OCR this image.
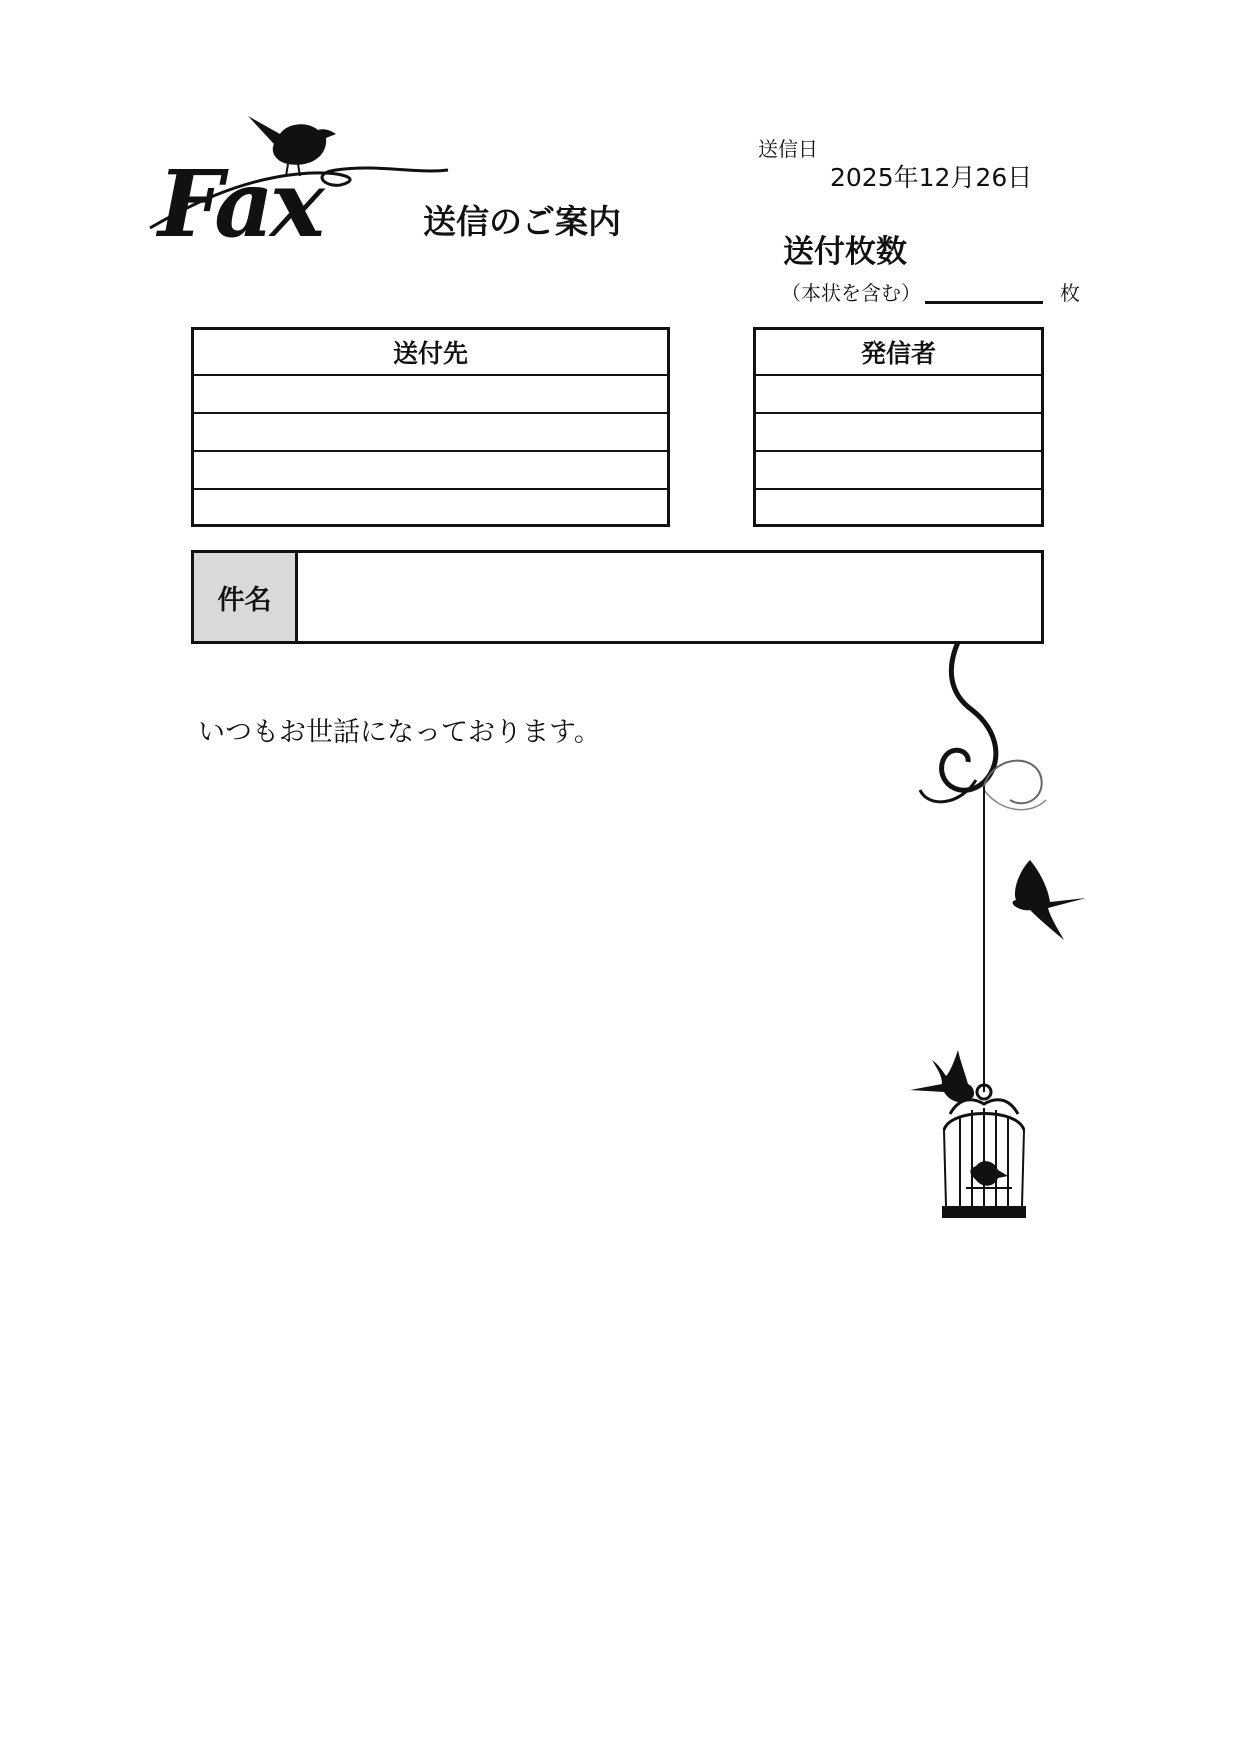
Fax	送信のご案内
送信日
2025年12月26日
送付枚数
（本状を含む）	枚
送付先	発信者
件名
いつもお世話になっております。
